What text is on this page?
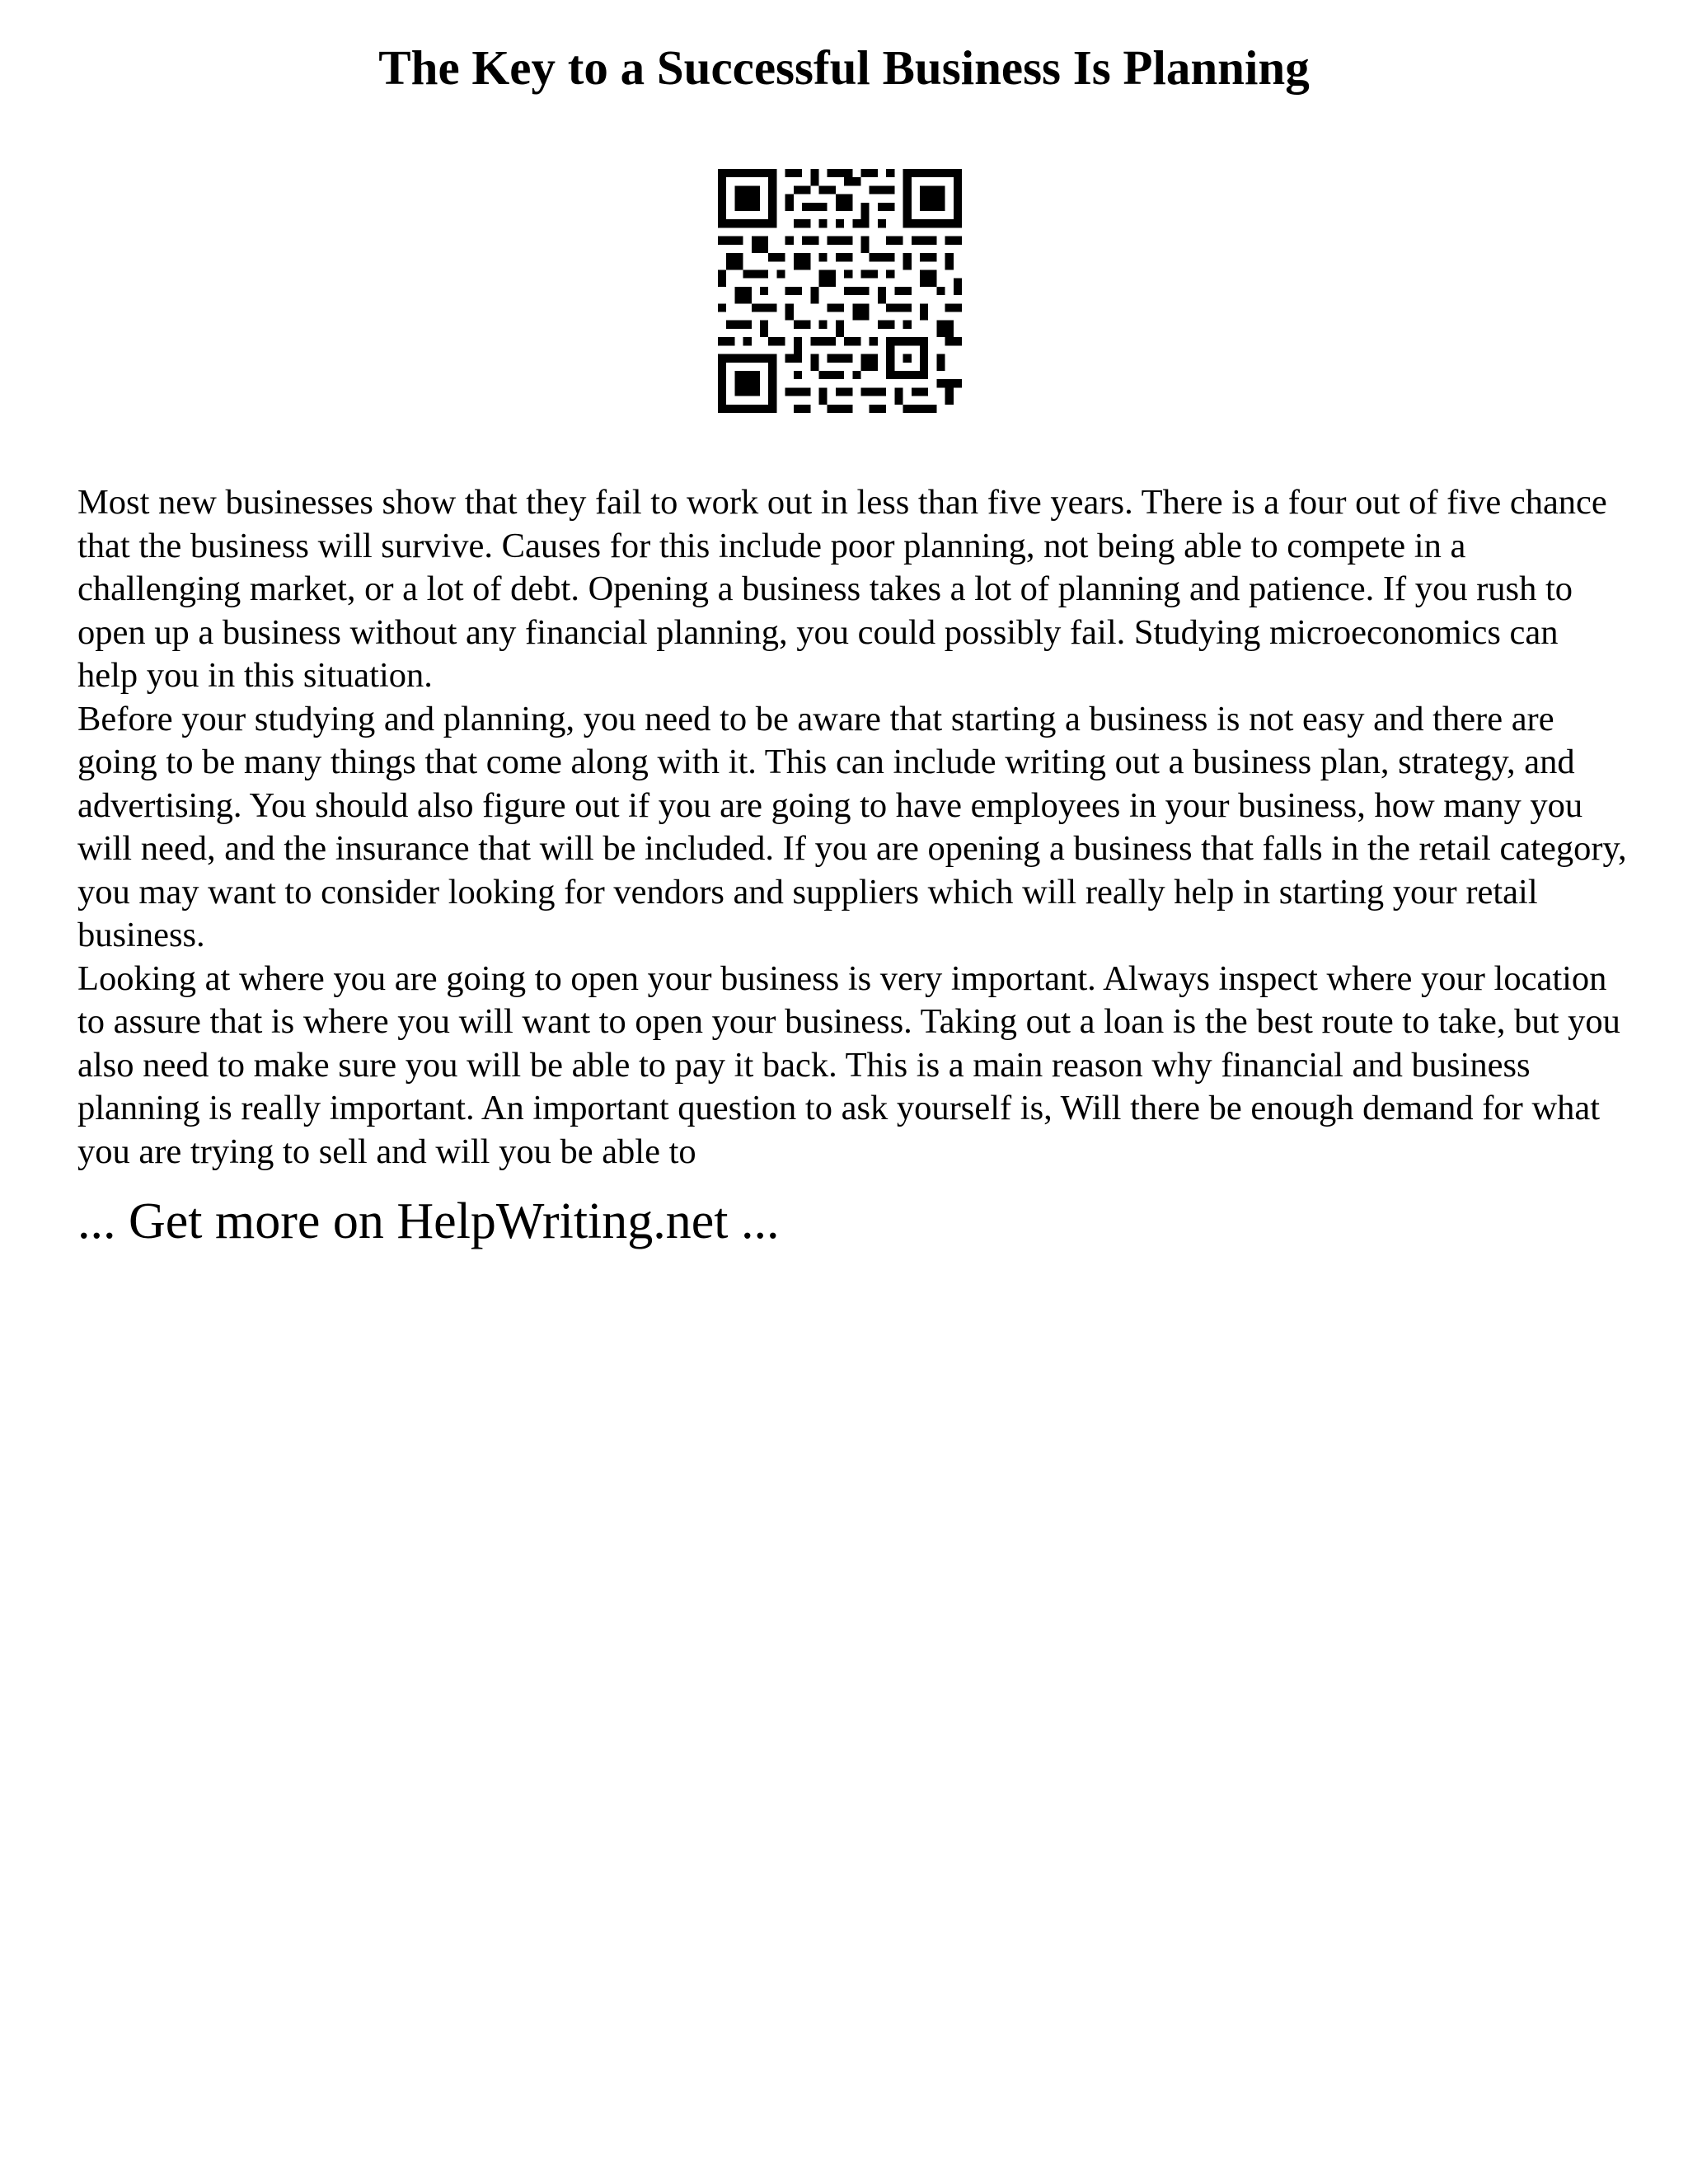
The Key to a Successful Business Is Planning

Most new businesses show that they fail to work out in less than five years. There is a four out of five chance that the business will survive. Causes for this include poor planning, not being able to compete in a challenging market, or a lot of debt. Opening a business takes a lot of planning and patience. If you rush to open up a business without any financial planning, you could possibly fail. Studying microeconomics can help you in this situation.

Before your studying and planning, you need to be aware that starting a business is not easy and there are going to be many things that come along with it. This can include writing out a business plan, strategy, and advertising. You should also figure out if you are going to have employees in your business, how many you will need, and the insurance that will be included. If you are opening a business that falls in the retail category, you may want to consider looking for vendors and suppliers which will really help in starting your retail business.

Looking at where you are going to open your business is very important. Always inspect where your location to assure that is where you will want to open your business. Taking out a loan is the best route to take, but you also need to make sure you will be able to pay it back. This is a main reason why financial and business planning is really important. An important question to ask yourself is, Will there be enough demand for what you are trying to sell and will you be able to

... Get more on HelpWriting.net ...
